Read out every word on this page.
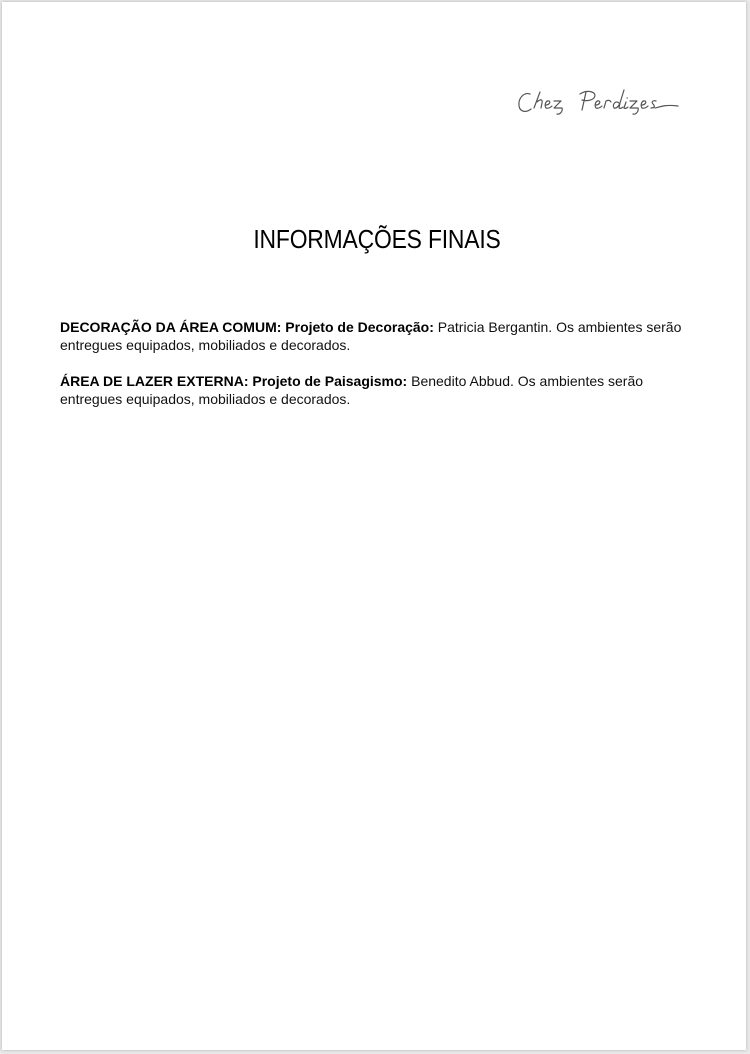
INFORMAÇÕES FINAIS
DECORAÇÃO DA ÁREA COMUM: Projeto de Decoração: Patricia Bergantin. Os ambientes serão entregues equipados, mobiliados e decorados.
ÁREA DE LAZER EXTERNA: Projeto de Paisagismo: Benedito Abbud. Os ambientes serão entregues equipados, mobiliados e decorados.
